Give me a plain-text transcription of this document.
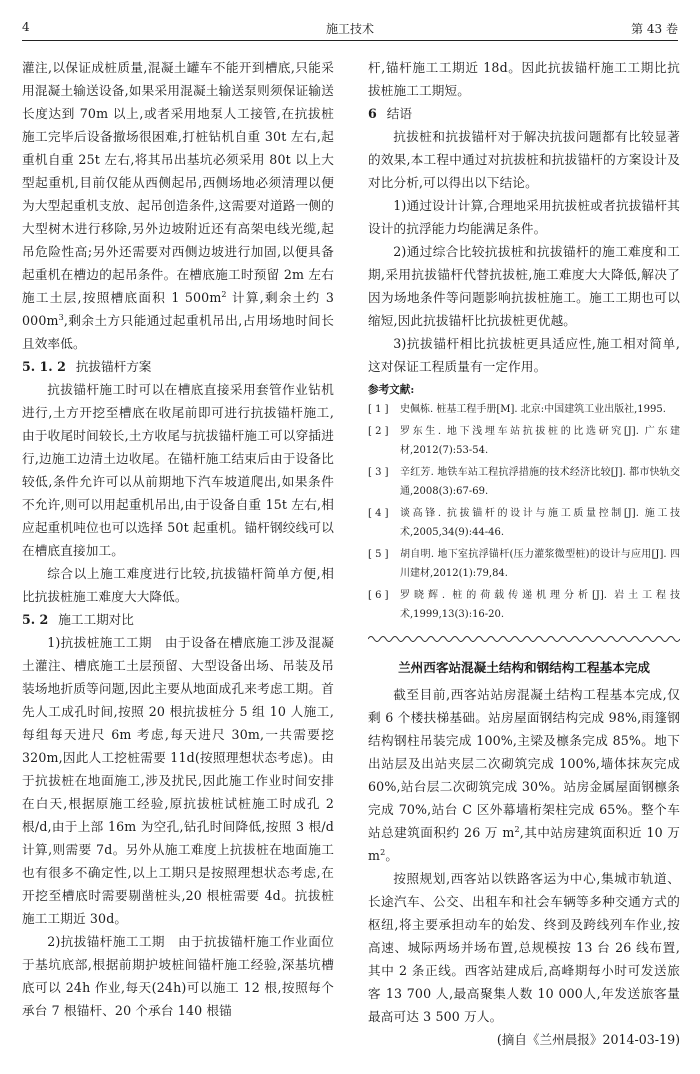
4	施工技术	第 43 卷

灌注,以保证成桩质量,混凝土罐车不能开到槽底,只能采用混凝土输送设备,如果采用混凝土输送泵则须保证输送长度达到 70m 以上,或者采用地泵人工接管,在抗拔桩施工完毕后设备撤场很困难,打桩钻机自重 30t 左右,起重机自重 25t 左右,将其吊出基坑必须采用 80t 以上大型起重机,目前仅能从西侧起吊,西侧场地必须清理以便为大型起重机支放、起吊创造条件,这需要对道路一侧的大型树木进行移除,另外边坡附近还有高架电线光缆,起吊危险性高;另外还需要对西侧边坡进行加固,以便具备起重机在槽边的起吊条件。在槽底施工时预留 2m 左右施工土层,按照槽底面积 1 $500m^2$ 计算,剩余土约 3 $000m^3$,剩余土方只能通过起重机吊出,占用场地时间长且效率低。

5. 1. 2 抗拔锚杆方案

抗拔锚杆施工时可以在槽底直接采用套管作业钻机进行,土方开挖至槽底在收尾前即可进行抗拔锚杆施工,由于收尾时间较长,土方收尾与抗拔锚杆施工可以穿插进行,边施工边清土边收尾。在锚杆施工结束后由于设备比较低,条件允许可以从前期地下汽车坡道爬出,如果条件不允许,则可以用起重机吊出,由于设备自重 15t 左右,相应起重机吨位也可以选择 50t 起重机。锚杆钢绞线可以在槽底直接加工。

综合以上施工难度进行比较,抗拔锚杆简单方便,相比抗拔桩施工难度大大降低。

5. 2 施工工期对比

1)抗拔桩施工工期　由于设备在槽底施工涉及混凝土灌注、槽底施工土层预留、大型设备出场、吊装及吊装场地折质等问题,因此主要从地面成孔来考虑工期。首先人工成孔时间,按照 20 根抗拔桩分 5 组 10 人施工,每组每天进尺 6m 考虑,每天进尺 30m,一共需要挖 320m,因此人工挖桩需要 11d(按照理想状态考虑)。由于抗拔桩在地面施工,涉及扰民,因此施工作业时间安排在白天,根据原施工经验,原抗拔桩试桩施工时成孔 2 根/d,由于上部 16m 为空孔,钻孔时间降低,按照 3 根/d 计算,则需要 7d。另外从施工难度上抗拔桩在地面施工也有很多不确定性,以上工期只是按照理想状态考虑,在开挖至槽底时需要剔凿桩头,20 根桩需要 4d。抗拔桩施工工期近 30d。

2)抗拔锚杆施工工期　由于抗拔锚杆施工作业面位于基坑底部,根据前期护坡桩间锚杆施工经验,深基坑槽底可以 24h 作业,每天(24h)可以施工 12 根,按照每个承台 7 根锚杆、20 个承台 140 根锚

杆,锚杆施工工期近 18d。因此抗拔锚杆施工工期比抗拔桩施工工期短。

6 结语

抗拔桩和抗拔锚杆对于解决抗拔问题都有比较显著的效果,本工程中通过对抗拔桩和抗拔锚杆的方案设计及对比分析,可以得出以下结论。

1)通过设计计算,合理地采用抗拔桩或者抗拔锚杆其设计的抗浮能力均能满足条件。

2)通过综合比较抗拔桩和抗拔锚杆的施工难度和工期,采用抗拔锚杆代替抗拔桩,施工难度大大降低,解决了因为场地条件等问题影响抗拔桩施工。施工工期也可以缩短,因此抗拔锚杆比抗拔桩更优越。

3)抗拔锚杆相比抗拔桩更具适应性,施工相对简单,这对保证工程质量有一定作用。

参考文献:
[ 1 ]	史佩栋. 桩基工程手册[M]. 北京:中国建筑工业出版社,1995.
[ 2 ]	罗东生. 地下浅埋车站抗拔桩的比选研究[J]. 广东建材,2012(7):53-54.
[ 3 ]	辛红芳. 地铁车站工程抗浮措施的技术经济比较[J]. 都市快轨交通,2008(3):67-69.
[ 4 ]	谈高锋. 抗拔锚杆的设计与施工质量控制[J]. 施工技术,2005,34(9):44-46.
[ 5 ]	胡自明. 地下室抗浮锚杆(压力灌浆微型桩)的设计与应用[J]. 四川建材,2012(1):79,84.
[ 6 ]	罗晓辉. 桩的荷载传递机理分析[J]. 岩土工程技术,1999,13(3):16-20.
兰州西客站混凝土结构和钢结构工程基本完成

截至目前,西客站站房混凝土结构工程基本完成,仅剩 6 个楼扶梯基础。站房屋面钢结构完成 98%,雨篷钢结构钢柱吊装完成 100%,主梁及檩条完成 85%。地下出站层及出站夹层二次砌筑完成 100%,墙体抹灰完成 60%,站台层二次砌筑完成 30%。站房金属屋面钢檩条完成 70%,站台 C 区外幕墙桁架柱完成 65%。整个车站总建筑面积约 26 万 $m^2$,其中站房建筑面积近 10 万 $m^2$。

按照规划,西客站以铁路客运为中心,集城市轨道、长途汽车、公交、出租车和社会车辆等多种交通方式的枢纽,将主要承担动车的始发、终到及跨线列车作业,按高速、城际两场并场布置,总规模按 13 台 26 线布置,其中 2 条正线。西客站建成后,高峰期每小时可发送旅客 13 700 人,最高聚集人数 10 000人,年发送旅客量最高可达 3 500 万人。

(摘自《兰州晨报》2014-03-19)
